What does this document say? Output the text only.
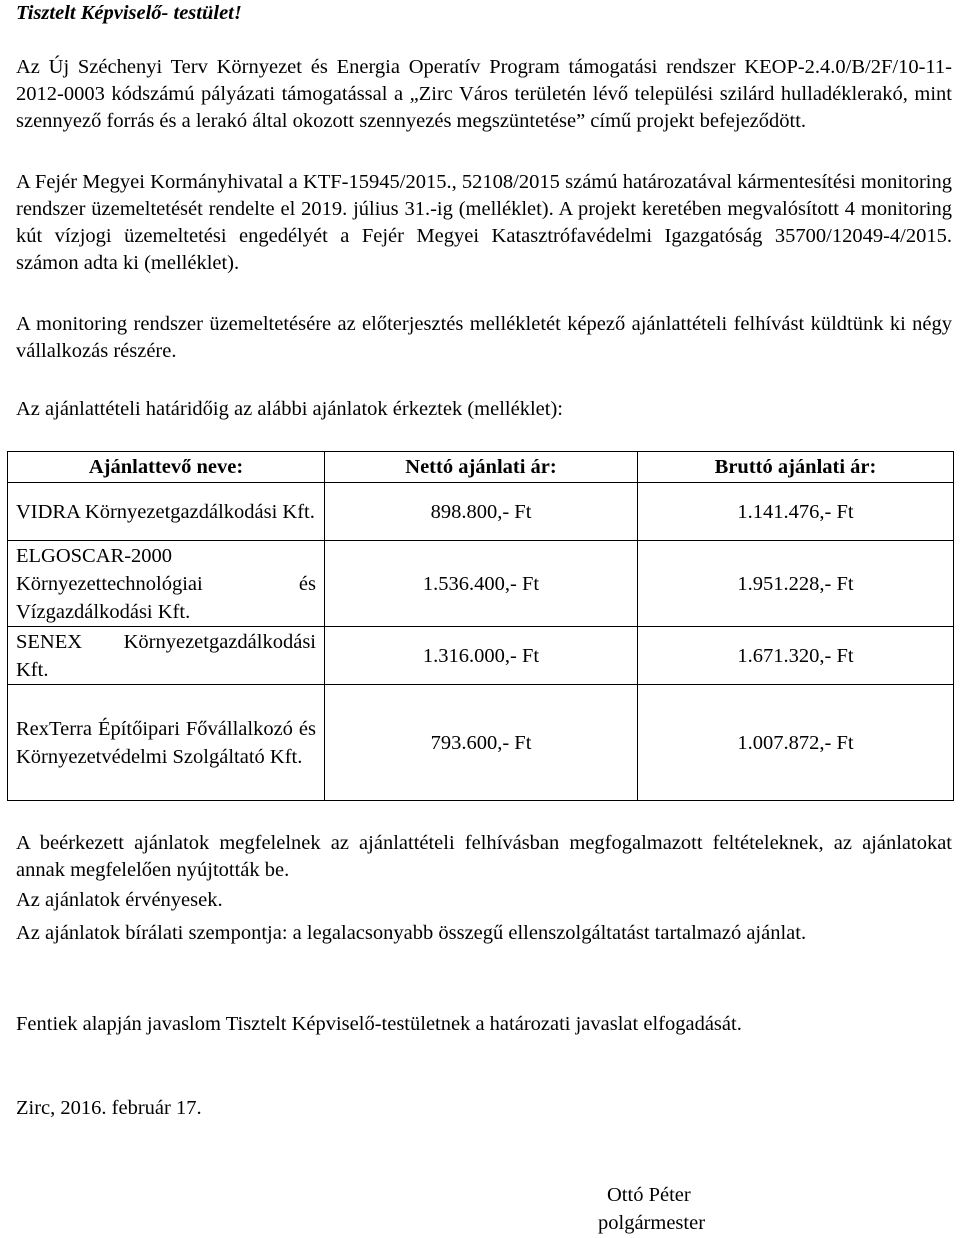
Tisztelt Képviselő- testület!

Az Új Széchenyi Terv Környezet és Energia Operatív Program támogatási rendszer KEOP-2.4.0/B/2F/10-11-2012-0003 kódszámú pályázati támogatással a „Zirc Város területén lévő települési szilárd hulladéklerakó, mint szennyező forrás és a lerakó által okozott szennyezés megszüntetése” című projekt befejeződött.

A Fejér Megyei Kormányhivatal a KTF-15945/2015., 52108/2015 számú határozatával kármentesítési monitoring rendszer üzemeltetését rendelte el 2019. július 31.-ig (melléklet). A projekt keretében megvalósított 4 monitoring kút vízjogi üzemeltetési engedélyét a Fejér Megyei Katasztrófavédelmi Igazgatóság 35700/12049-4/2015. számon adta ki (melléklet).

A monitoring rendszer üzemeltetésére az előterjesztés mellékletét képező ajánlattételi felhívást küldtünk ki négy vállalkozás részére.

Az ajánlattételi határidőig az alábbi ajánlatok érkeztek (melléklet):

Ajánlattevő neve:	Nettó ajánlati ár:	Bruttó ajánlati ár:
VIDRA Környezetgazdálkodási Kft.	898.800,- Ft	1.141.476,- Ft
ELGOSCAR-2000 Környezettechnológiai és Vízgazdálkodási Kft.	1.536.400,- Ft	1.951.228,- Ft
SENEX Környezetgazdálkodási Kft.	1.316.000,- Ft	1.671.320,- Ft
RexTerra Építőipari Fővállalkozó és Környezetvédelmi Szolgáltató Kft.	793.600,- Ft	1.007.872,- Ft

A beérkezett ajánlatok megfelelnek az ajánlattételi felhívásban megfogalmazott feltételeknek, az ajánlatokat annak megfelelően nyújtották be.

Az ajánlatok érvényesek.

Az ajánlatok bírálati szempontja: a legalacsonyabb összegű ellenszolgáltatást tartalmazó ajánlat.

Fentiek alapján javaslom Tisztelt Képviselő-testületnek a határozati javaslat elfogadását.

Zirc, 2016. február 17.

Ottó Péter
polgármester
